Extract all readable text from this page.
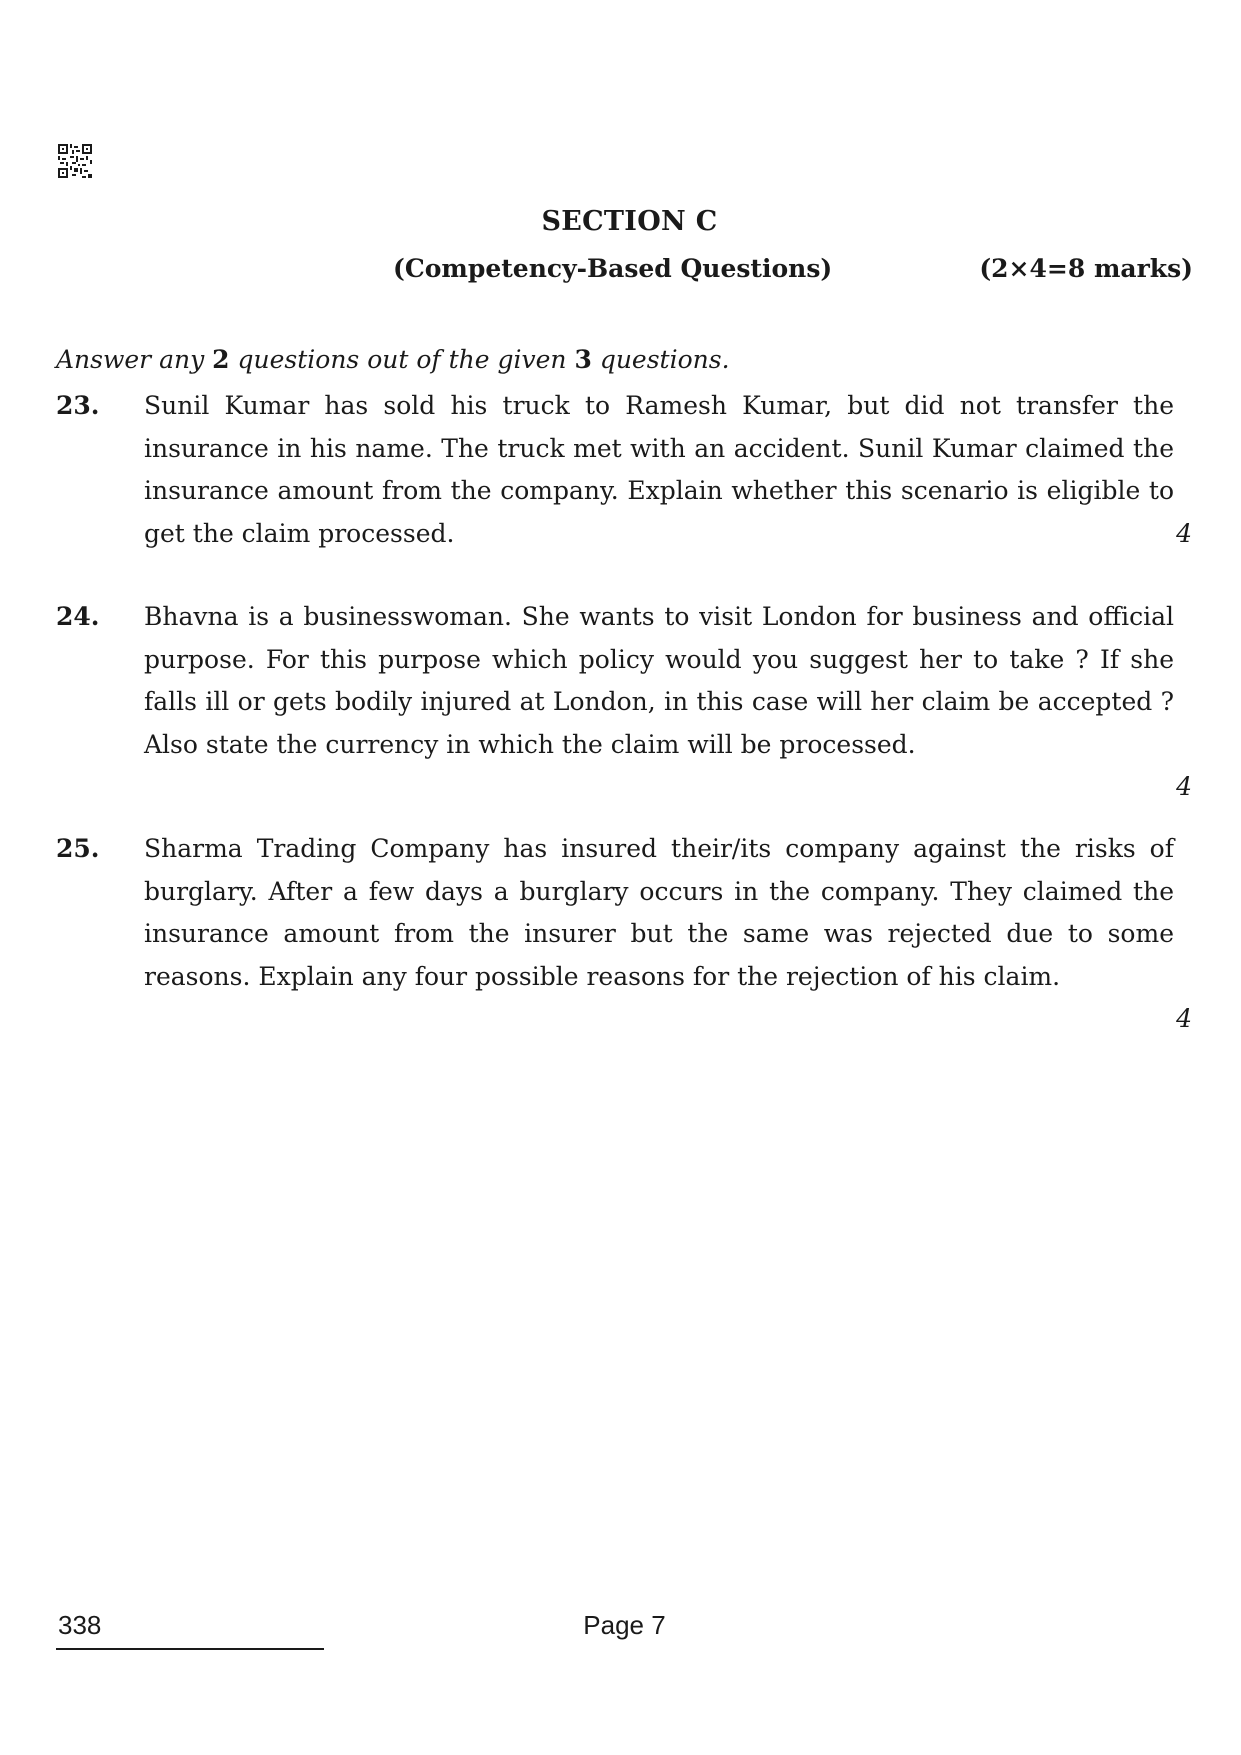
SECTION C
(Competency-Based Questions)	(2×4=8 marks)
Answer any 2 questions out of the given 3 questions.
23. Sunil Kumar has sold his truck to Ramesh Kumar, but did not transfer the insurance in his name. The truck met with an accident. Sunil Kumar claimed the insurance amount from the company. Explain whether this scenario is eligible to get the claim processed.	4
24. Bhavna is a businesswoman. She wants to visit London for business and official purpose. For this purpose which policy would you suggest her to take ? If she falls ill or gets bodily injured at London, in this case will her claim be accepted ? Also state the currency in which the claim will be processed.
4
25. Sharma Trading Company has insured their/its company against the risks of burglary. After a few days a burglary occurs in the company. They claimed the insurance amount from the insurer but the same was rejected due to some reasons. Explain any four possible reasons for the rejection of his claim.
4
338	Page 7
